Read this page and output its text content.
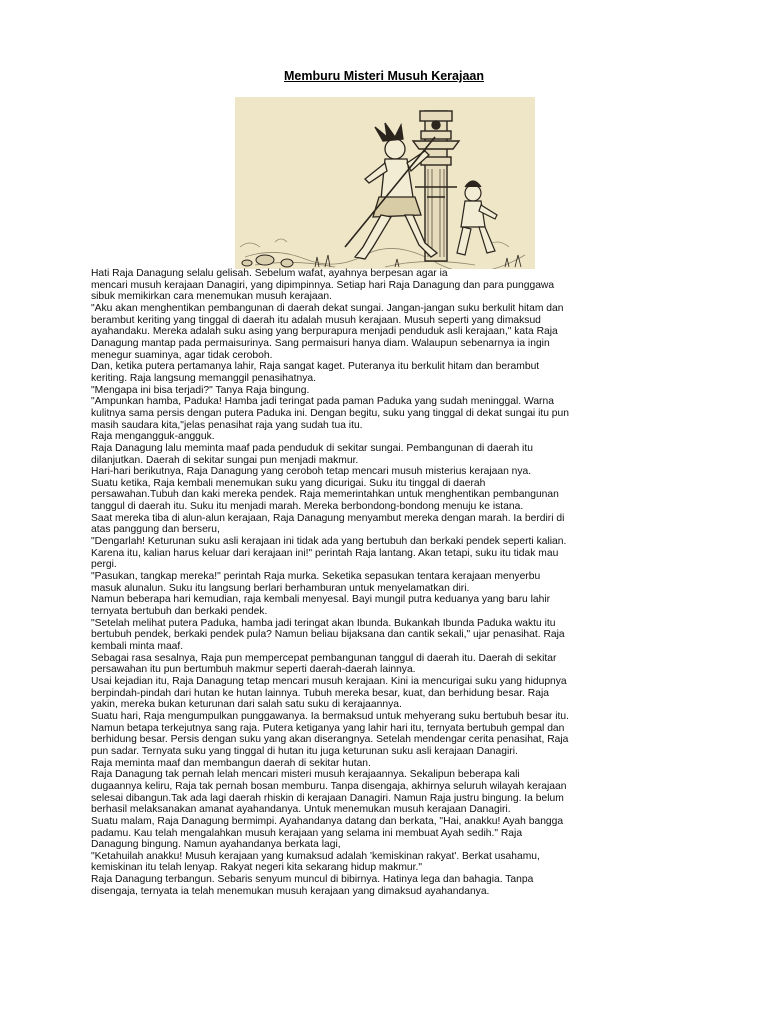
Memburu Misteri Musuh Kerajaan

Hati Raja Danagung selalu gelisah. Sebelum wafat, ayahnya berpesan agar ia
mencari musuh kerajaan Danagiri, yang dipimpinnya. Setiap hari Raja Danagung dan para punggawa
sibuk memikirkan cara menemukan musuh kerajaan.

"Aku akan menghentikan pembangunan di daerah dekat sungai. Jangan-jangan suku berkulit hitam dan
berambut keriting yang tinggal di daerah itu adalah musuh kerajaan. Musuh seperti yang dimaksud
ayahandaku. Mereka adalah suku asing yang berpurapura menjadi penduduk asli kerajaan," kata Raja
Danagung mantap pada permaisurinya. Sang permaisuri hanya diam. Walaupun sebenarnya ia ingin
menegur suaminya, agar tidak ceroboh.

Dan, ketika putera pertamanya lahir, Raja sangat kaget. Puteranya itu berkulit hitam dan berambut
keriting. Raja langsung memanggil penasihatnya.

"Mengapa ini bisa terjadi?" Tanya Raja bingung.

"Ampunkan hamba, Paduka! Hamba jadi teringat pada paman Paduka yang sudah meninggal. Warna
kulitnya sama persis dengan putera Paduka ini. Dengan begitu, suku yang tinggal di dekat sungai itu pun
masih saudara kita,"jelas penasihat raja yang sudah tua itu.

Raja mengangguk-angguk.

Raja Danagung lalu meminta maaf pada penduduk di sekitar sungai. Pembangunan di daerah itu
dilanjutkan. Daerah di sekitar sungai pun menjadi makmur.

Hari-hari berikutnya, Raja Danagung yang ceroboh tetap mencari musuh misterius kerajaan nya.

Suatu ketika, Raja kembali menemukan suku yang dicurigai. Suku itu tinggal di daerah
persawahan.Tubuh dan kaki mereka pendek. Raja memerintahkan untuk menghentikan pembangunan
tanggul di daerah itu. Suku itu menjadi marah. Mereka berbondong-bondong menuju ke istana.

Saat mereka tiba di alun-alun kerajaan, Raja Danagung menyambut mereka dengan marah. Ia berdiri di
atas panggung dan berseru,

"Dengarlah! Keturunan suku asli kerajaan ini tidak ada yang bertubuh dan berkaki pendek seperti kalian.
Karena itu, kalian harus keluar dari kerajaan ini!" perintah Raja lantang. Akan tetapi, suku itu tidak mau
pergi.

"Pasukan, tangkap mereka!" perintah Raja murka. Seketika sepasukan tentara kerajaan menyerbu
masuk alunalun. Suku itu langsung berlari berhamburan untuk menyelamatkan diri.

Namun beberapa hari kemudian, raja kembali menyesal. Bayi mungil putra keduanya yang baru lahir
ternyata bertubuh dan berkaki pendek.

"Setelah melihat putera Paduka, hamba jadi teringat akan Ibunda. Bukankah Ibunda Paduka waktu itu
bertubuh pendek, berkaki pendek pula? Namun beliau bijaksana dan cantik sekali," ujar penasihat. Raja
kembali minta maaf.

Sebagai rasa sesalnya, Raja pun mempercepat pembangunan tanggul di daerah itu. Daerah di sekitar
persawahan itu pun bertumbuh makmur seperti daerah-daerah lainnya.

Usai kejadian itu, Raja Danagung tetap mencari musuh kerajaan. Kini ia mencurigai suku yang hidupnya
berpindah-pindah dari hutan ke hutan lainnya. Tubuh mereka besar, kuat, dan berhidung besar. Raja
yakin, mereka bukan keturunan dari salah satu suku di kerajaannya.

Suatu hari, Raja mengumpulkan punggawanya. Ia bermaksud untuk mehyerang suku bertubuh besar itu.
Namun betapa terkejutnya sang raja. Putera ketiganya yang lahir hari itu, ternyata bertubuh gempal dan
berhidung besar. Persis dengan suku yang akan diserangnya. Setelah mendengar cerita penasihat, Raja
pun sadar. Ternyata suku yang tinggal di hutan itu juga keturunan suku asli kerajaan Danagiri.

Raja meminta maaf dan membangun daerah di sekitar hutan.

Raja Danagung tak pernah lelah mencari misteri musuh kerajaannya. Sekalipun beberapa kali
dugaannya keliru, Raja tak pernah bosan memburu. Tanpa disengaja, akhirnya seluruh wilayah kerajaan
selesai dibangun.Tak ada lagi daerah rhiskin di kerajaan Danagiri. Namun Raja justru bingung. Ia belum
berhasil melaksanakan amanat ayahandanya. Untuk menemukan musuh kerajaan Danagiri.

Suatu malam, Raja Danagung bermimpi. Ayahandanya datang dan berkata, "Hai, anakku! Ayah bangga
padamu. Kau telah mengalahkan musuh kerajaan yang selama ini membuat Ayah sedih." Raja
Danagung bingung. Namun ayahandanya berkata lagi,

"Ketahuilah anakku! Musuh kerajaan yang kumaksud adalah 'kemiskinan rakyat'. Berkat usahamu,
kemiskinan itu telah lenyap. Rakyat negeri kita sekarang hidup makmur."

Raja Danagung terbangun. Sebaris senyum muncul di bibirnya. Hatinya lega dan bahagia. Tanpa
disengaja, ternyata ia telah menemukan musuh kerajaan yang dimaksud ayahandanya.
